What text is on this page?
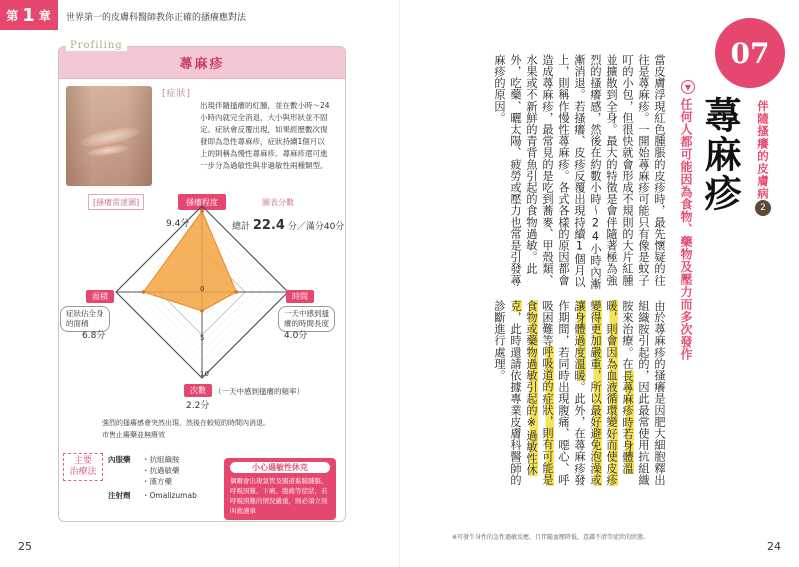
第 1 章 世界第一的皮膚科醫師教你正確的搔癢應對法
Profiling
蕁麻疹
[症狀]
出現伴隨搔癢的紅腫，並在數小時～24
小時內就完全消退，大小與形狀並不固
定。症狀會反覆出現，如果經歷數次復
發即為急性蕁麻疹，症狀持續1個月以
上的則稱為慢性蕁麻疹。蕁麻疹還可進
一步分為過敏性與非過敏性兩種類型。
[搔癢雷達圖]	搔癢程度	圖表分數
總計 22.4 分／滿分40分
9.4分
面積
症狀佔全身
的面積
6.8分
時間
一天中感到搔
癢的時間長度
4.0分
次數	（一天中感到搔癢的頻率）
2.2分
0
5
10
強烈的搔癢感會突然出現，然後在較短的時間內消退。
市售止癢藥並無療效
主要
治療法
內服藥 ・抗組織胺
・抗過敏藥
・漢方藥
注射劑 ・Omalizumab
小心過敏性休克
偶爾會出現氣管及腸道黏膜腫脹、呼吸困難、下痢、腹痛等症狀，若呼吸困難的情況嚴重，則必須立刻叫救護車
25
07
伴隨搔癢的皮膚病
2
蕁麻疹
▼
任何人都可能因為食物、藥物及壓力而多次發作
當皮膚浮現紅色腫脹的皮疹時，最先懷疑的往往是蕁麻疹。一開始蕁麻疹可能只有像是蚊子叮的小包，但很快就會形成不規則的大片紅腫並擴散到全身。最大的特徵是會伴隨著極為強烈的搔癢感，然後在約數小時～24小時內漸漸消退。若搔癢、皮疹反覆出現持續1個月以上，則稱作慢性蕁麻疹。各式各樣的原因都會造成蕁麻疹，最常見的是吃到蕎麥、甲殼類、水果或不新鮮的青背魚引起的食物過敏。此外，吃藥、曬太陽、疲勞或壓力也常是引發蕁麻疹的原因。
由於蕁麻疹的搔癢是因肥大細胞釋出組織胺引起的，因此最常使用抗組織胺來治療。在長蕁麻疹時若身體溫暖，則會因為血液循環變好而使皮疹變得更加嚴重，所以最好避免泡澡或讓身體過度溫暖。此外，在蕁麻疹發作期間，若同時出現腹痛、噁心、呼吸困難等呼吸道的症狀，則有可能是食物或藥物過敏引起的※過敏性休克，此時還請依據專業皮膚科醫師的診斷進行處理。
※可發生身性的急性過敏反應，且伴隨血壓降低、意識不清等症狀的狀態。
24
